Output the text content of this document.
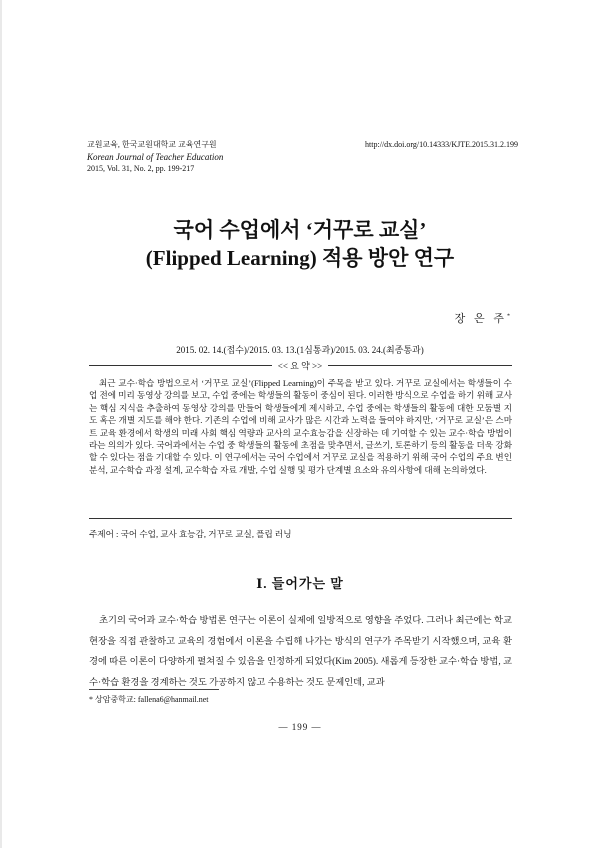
교원교육, 한국교원대학교 교육연구원
Korean Journal of Teacher Education
2015, Vol. 31, No. 2, pp. 199-217
http://dx.doi.org/10.14333/KJTE.2015.31.2.199
국어 수업에서 ‘거꾸로 교실’
(Flipped Learning) 적용 방안 연구
장 은 주*
2015. 02. 14.(접수)/2015. 03. 13.(1심통과)/2015. 03. 24.(최종통과)
<< 요 약 >>

최근 교수·학습 방법으로서 ‘거꾸로 교실’(Flipped Learning)이 주목을 받고 있다. 거꾸로 교실에서는 학생들이 수업 전에 미리 동영상 강의를 보고, 수업 중에는 학생들의 활동이 중심이 된다. 이러한 방식으로 수업을 하기 위해 교사는 핵심 지식을 추출하여 동영상 강의를 만들어 학생들에게 제시하고, 수업 중에는 학생들의 활동에 대한 모둠별 지도 혹은 개별 지도를 해야 한다. 기존의 수업에 비해 교사가 많은 시간과 노력을 들여야 하지만, ‘거꾸로 교실’은 스마트 교육 환경에서 학생의 미래 사회 핵심 역량과 교사의 교수효능감을 신장하는 데 기여할 수 있는 교수·학습 방법이라는 의의가 있다. 국어과에서는 수업 중 학생들의 활동에 초점을 맞추면서, 글쓰기, 토론하기 등의 활동을 더욱 강화할 수 있다는 점을 기대할 수 있다. 이 연구에서는 국어 수업에서 거꾸로 교실을 적용하기 위해 국어 수업의 주요 변인 분석, 교수학습 과정 설계, 교수학습 자료 개발, 수업 실행 및 평가 단계별 요소와 유의사항에 대해 논의하였다.

주제어 : 국어 수업, 교사 효능감, 거꾸로 교실, 플립 러닝
Ⅰ. 들어가는 말

초기의 국어과 교수·학습 방법론 연구는 이론이 실제에 일방적으로 영향을 주었다. 그러나 최근에는 학교 현장을 직접 관찰하고 교육의 경험에서 이론을 수립해 나가는 방식의 연구가 주목받기 시작했으며, 교육 환경에 따른 이론이 다양하게 펼쳐질 수 있음을 인정하게 되었다(Kim 2005). 새롭게 등장한 교수·학습 방법, 교수·학습 환경을 경계하는 것도 가공하지 않고 수용하는 것도 문제인데, 교과

* 상암중학교: fallena6@hanmail.net
― 199 ―
